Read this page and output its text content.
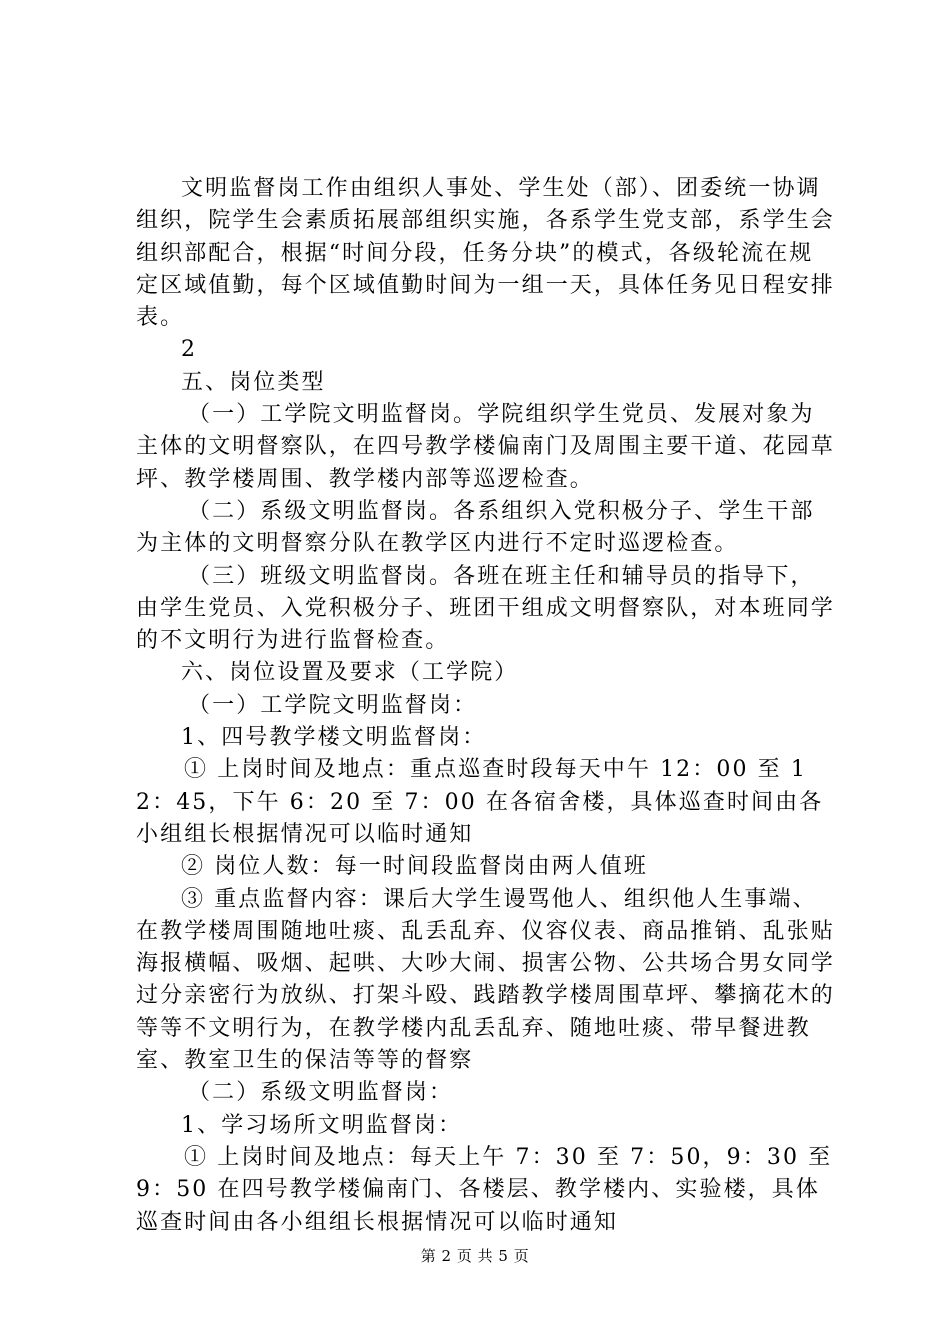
文明监督岗工作由组织人事处、学生处（部）、团委统一协调组织，院学生会素质拓展部组织实施，各系学生党支部，系学生会组织部配合，根据“时间分段，任务分块”的模式，各级轮流在规定区域值勤，每个区域值勤时间为一组一天，具体任务见日程安排表。

2

五、岗位类型

（一）工学院文明监督岗。学院组织学生党员、发展对象为主体的文明督察队，在四号教学楼偏南门及周围主要干道、花园草坪、教学楼周围、教学楼内部等巡逻检查。

（二）系级文明监督岗。各系组织入党积极分子、学生干部为主体的文明督察分队在教学区内进行不定时巡逻检查。

（三）班级文明监督岗。各班在班主任和辅导员的指导下，由学生党员、入党积极分子、班团干组成文明督察队，对本班同学的不文明行为进行监督检查。

六、岗位设置及要求（工学院）

（一）工学院文明监督岗：

1、四号教学楼文明监督岗：

① 上岗时间及地点：重点巡查时段每天中午 12：00 至 12：45，下午 6：20 至 7：00 在各宿舍楼，具体巡查时间由各小组组长根据情况可以临时通知

② 岗位人数：每一时间段监督岗由两人值班

③ 重点监督内容：课后大学生谩骂他人、组织他人生事端、在教学楼周围随地吐痰、乱丢乱弃、仪容仪表、商品推销、乱张贴海报横幅、吸烟、起哄、大吵大闹、损害公物、公共场合男女同学过分亲密行为放纵、打架斗殴、践踏教学楼周围草坪、攀摘花木的等等不文明行为，在教学楼内乱丢乱弃、随地吐痰、带早餐进教室、教室卫生的保洁等等的督察

（二）系级文明监督岗：

1、学习场所文明监督岗：

① 上岗时间及地点：每天上午 7：30 至 7：50，9：30 至 9：50 在四号教学楼偏南门、各楼层、教学楼内、实验楼，具体巡查时间由各小组组长根据情况可以临时通知

第 2 页 共 5 页
